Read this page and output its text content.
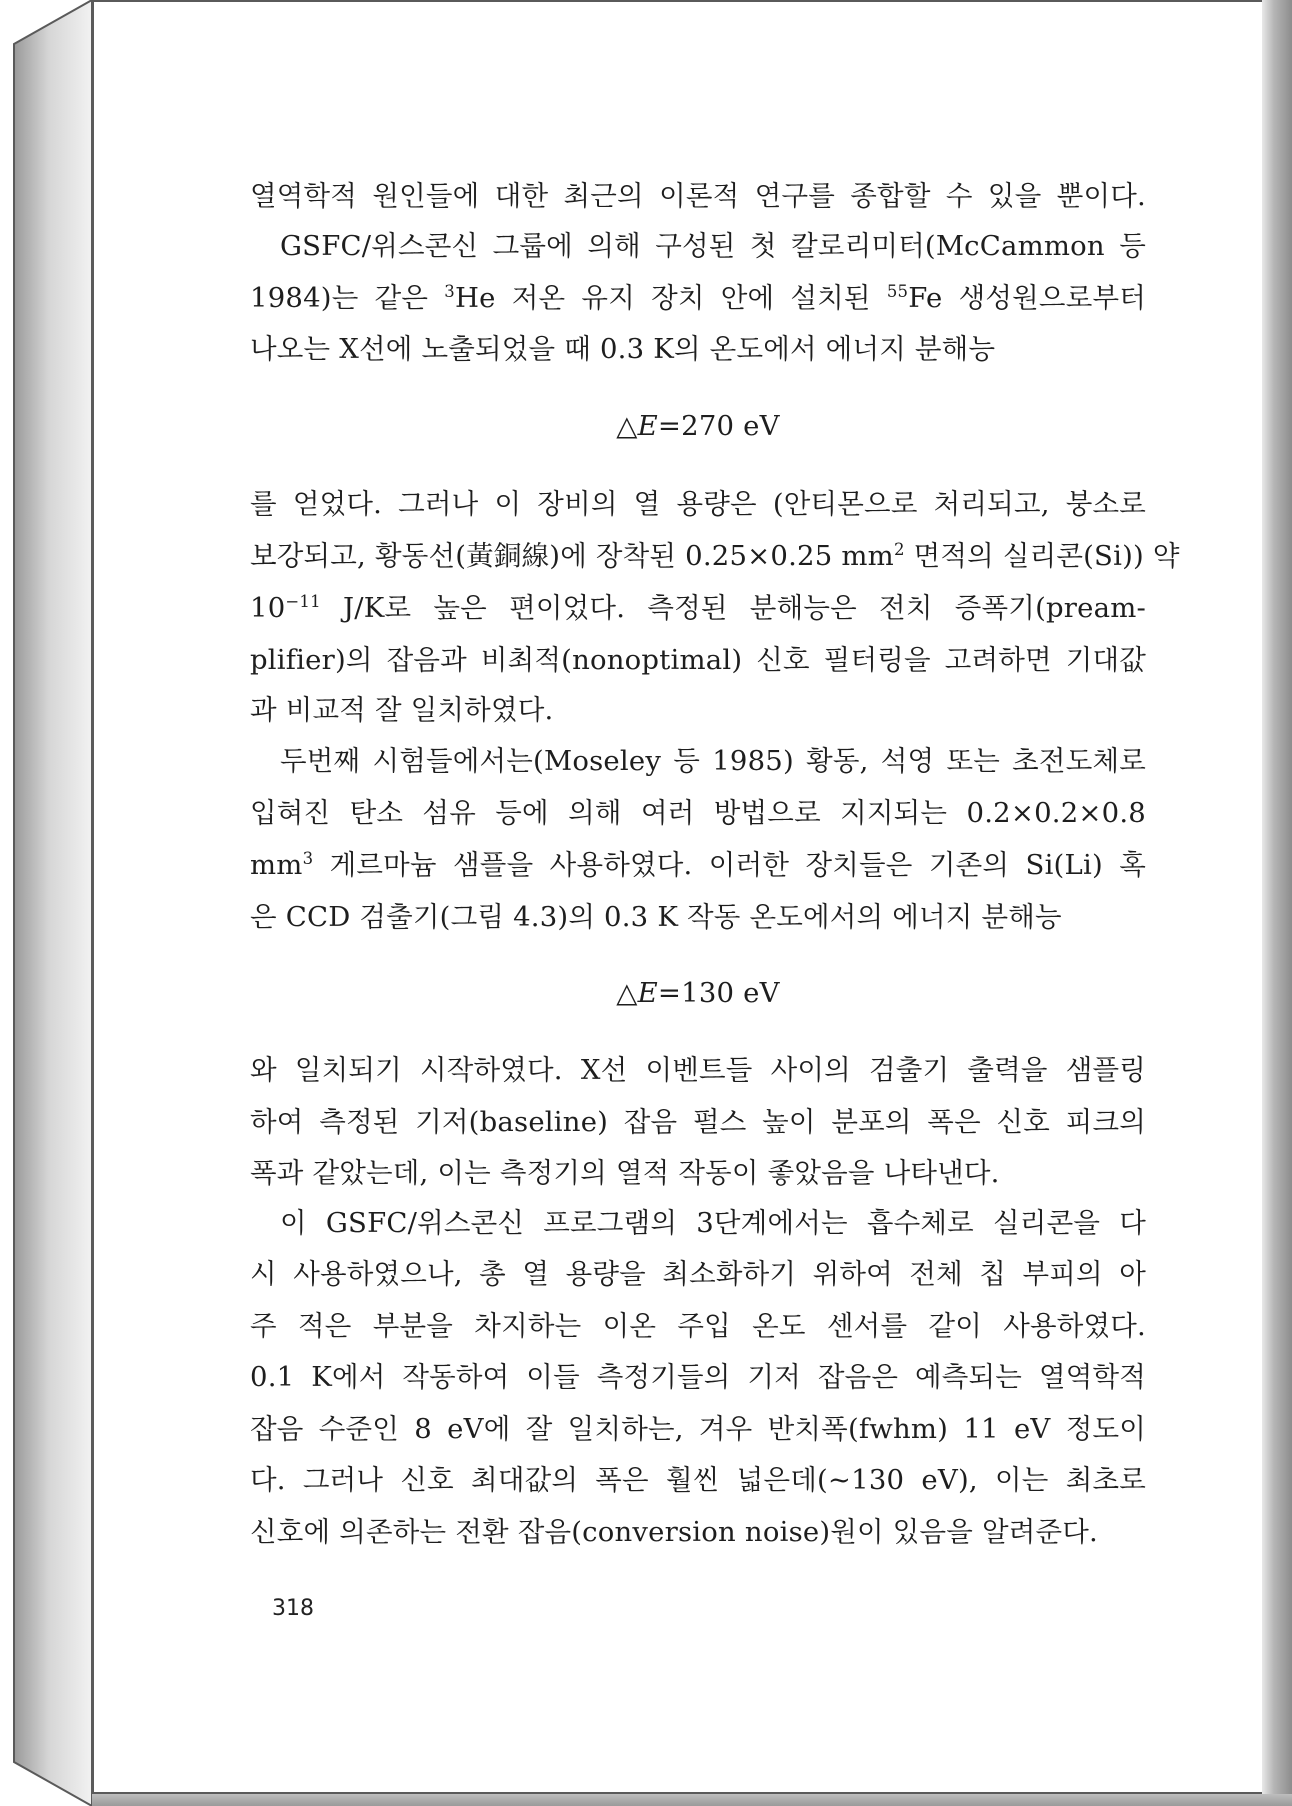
열역학적 원인들에 대한 최근의 이론적 연구를 종합할 수 있을 뿐이다.
GSFC/위스콘신 그룹에 의해 구성된 첫 칼로리미터(McCammon 등
1984)는 같은 $^3$He 저온 유지 장치 안에 설치된 $^{55}$Fe 생성원으로부터
나오는 X선에 노출되었을 때 0.3 K의 온도에서 에너지 분해능
△E=270 eV
를 얻었다. 그러나 이 장비의 열 용량은 (안티몬으로 처리되고, 붕소로
보강되고, 황동선(黃銅線)에 장착된 0.25×0.25 $mm^2$ 면적의 실리콘(Si)) 약
$10^{-11}$ J/K로 높은 편이었다. 측정된 분해능은 전치 증폭기(pream-
plifier)의 잡음과 비최적(nonoptimal) 신호 필터링을 고려하면 기대값
과 비교적 잘 일치하였다.
두번째 시험들에서는(Moseley 등 1985) 황동, 석영 또는 초전도체로
입혀진 탄소 섬유 등에 의해 여러 방법으로 지지되는 0.2×0.2×0.8
$mm^3$ 게르마늄 샘플을 사용하였다. 이러한 장치들은 기존의 Si(Li) 혹
은 CCD 검출기(그림 4.3)의 0.3 K 작동 온도에서의 에너지 분해능
△E=130 eV
와 일치되기 시작하였다. X선 이벤트들 사이의 검출기 출력을 샘플링
하여 측정된 기저(baseline) 잡음 펄스 높이 분포의 폭은 신호 피크의
폭과 같았는데, 이는 측정기의 열적 작동이 좋았음을 나타낸다.
이 GSFC/위스콘신 프로그램의 3단계에서는 흡수체로 실리콘을 다
시 사용하였으나, 총 열 용량을 최소화하기 위하여 전체 칩 부피의 아
주 적은 부분을 차지하는 이온 주입 온도 센서를 같이 사용하였다.
0.1 K에서 작동하여 이들 측정기들의 기저 잡음은 예측되는 열역학적
잡음 수준인 8 eV에 잘 일치하는, 겨우 반치폭(fwhm) 11 eV 정도이
다. 그러나 신호 최대값의 폭은 훨씬 넓은데(~130 eV), 이는 최초로
신호에 의존하는 전환 잡음(conversion noise)원이 있음을 알려준다.
318
